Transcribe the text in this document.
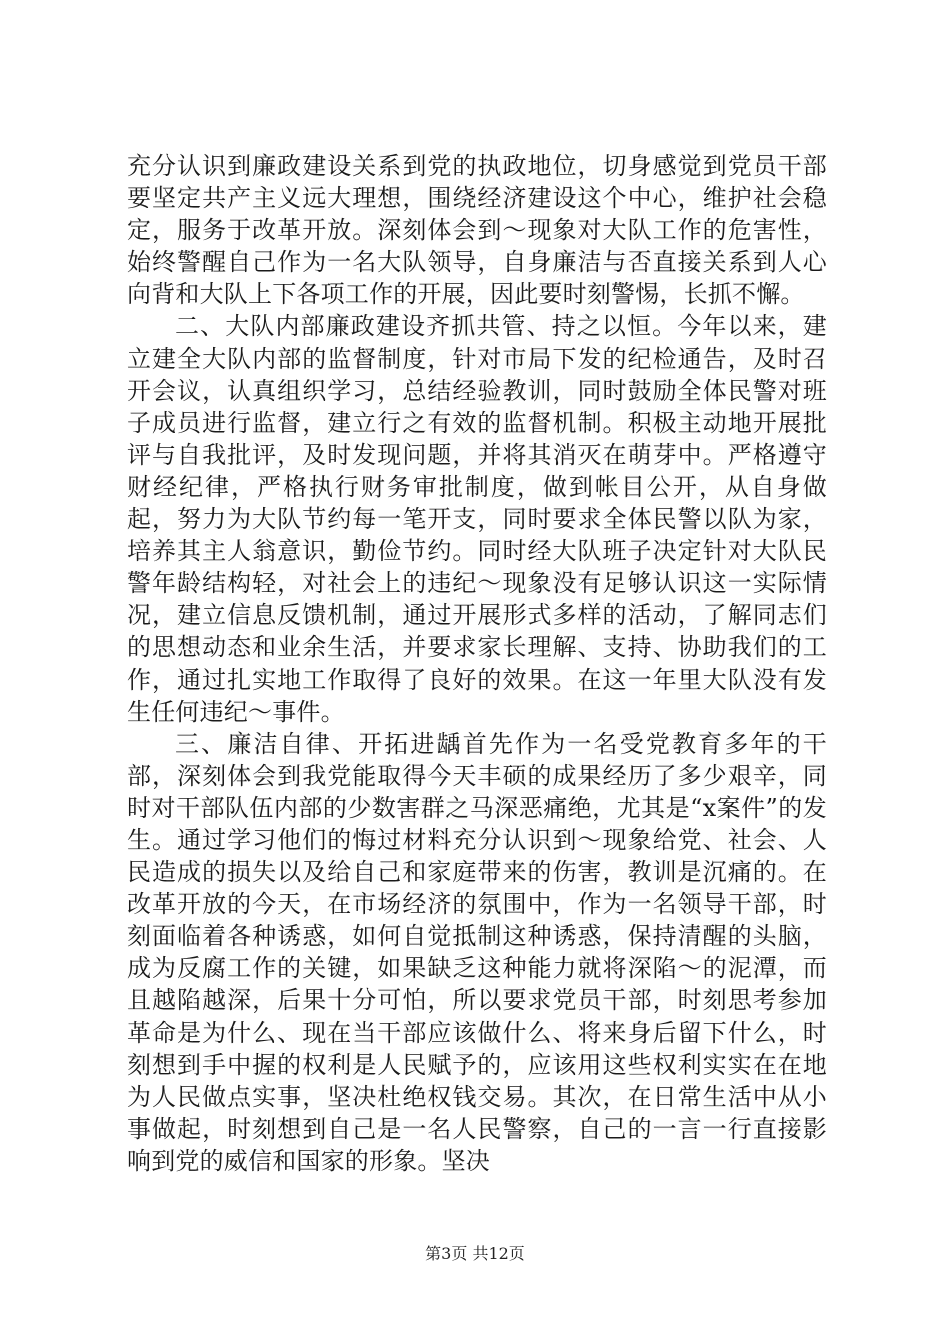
充分认识到廉政建设关系到党的执政地位，切身感觉到党员干部要坚定共产主义远大理想，围绕经济建设这个中心，维护社会稳定，服务于改革开放。深刻体会到～现象对大队工作的危害性，始终警醒自己作为一名大队领导，自身廉洁与否直接关系到人心向背和大队上下各项工作的开展，因此要时刻警惕，长抓不懈。

二、大队内部廉政建设齐抓共管、持之以恒。今年以来，建立建全大队内部的监督制度，针对市局下发的纪检通告，及时召开会议，认真组织学习，总结经验教训，同时鼓励全体民警对班子成员进行监督，建立行之有效的监督机制。积极主动地开展批评与自我批评，及时发现问题，并将其消灭在萌芽中。严格遵守财经纪律，严格执行财务审批制度，做到帐目公开，从自身做起，努力为大队节约每一笔开支，同时要求全体民警以队为家，培养其主人翁意识，勤俭节约。同时经大队班子决定针对大队民警年龄结构轻，对社会上的违纪～现象没有足够认识这一实际情况，建立信息反馈机制，通过开展形式多样的活动，了解同志们的思想动态和业余生活，并要求家长理解、支持、协助我们的工作，通过扎实地工作取得了良好的效果。在这一年里大队没有发生任何违纪～事件。

三、廉洁自律、开拓进龋首先作为一名受党教育多年的干部，深刻体会到我党能取得今天丰硕的成果经历了多少艰辛，同时对干部队伍内部的少数害群之马深恶痛绝，尤其是“x案件”的发生。通过学习他们的悔过材料充分认识到～现象给党、社会、人民造成的损失以及给自己和家庭带来的伤害，教训是沉痛的。在改革开放的今天，在市场经济的氛围中，作为一名领导干部，时刻面临着各种诱惑，如何自觉抵制这种诱惑，保持清醒的头脑，成为反腐工作的关键，如果缺乏这种能力就将深陷～的泥潭，而且越陷越深，后果十分可怕，所以要求党员干部，时刻思考参加革命是为什么、现在当干部应该做什么、将来身后留下什么，时刻想到手中握的权利是人民赋予的，应该用这些权利实实在在地为人民做点实事，坚决杜绝权钱交易。其次，在日常生活中从小事做起，时刻想到自己是一名人民警察，自己的一言一行直接影响到党的威信和国家的形象。坚决

第3页 共12页
